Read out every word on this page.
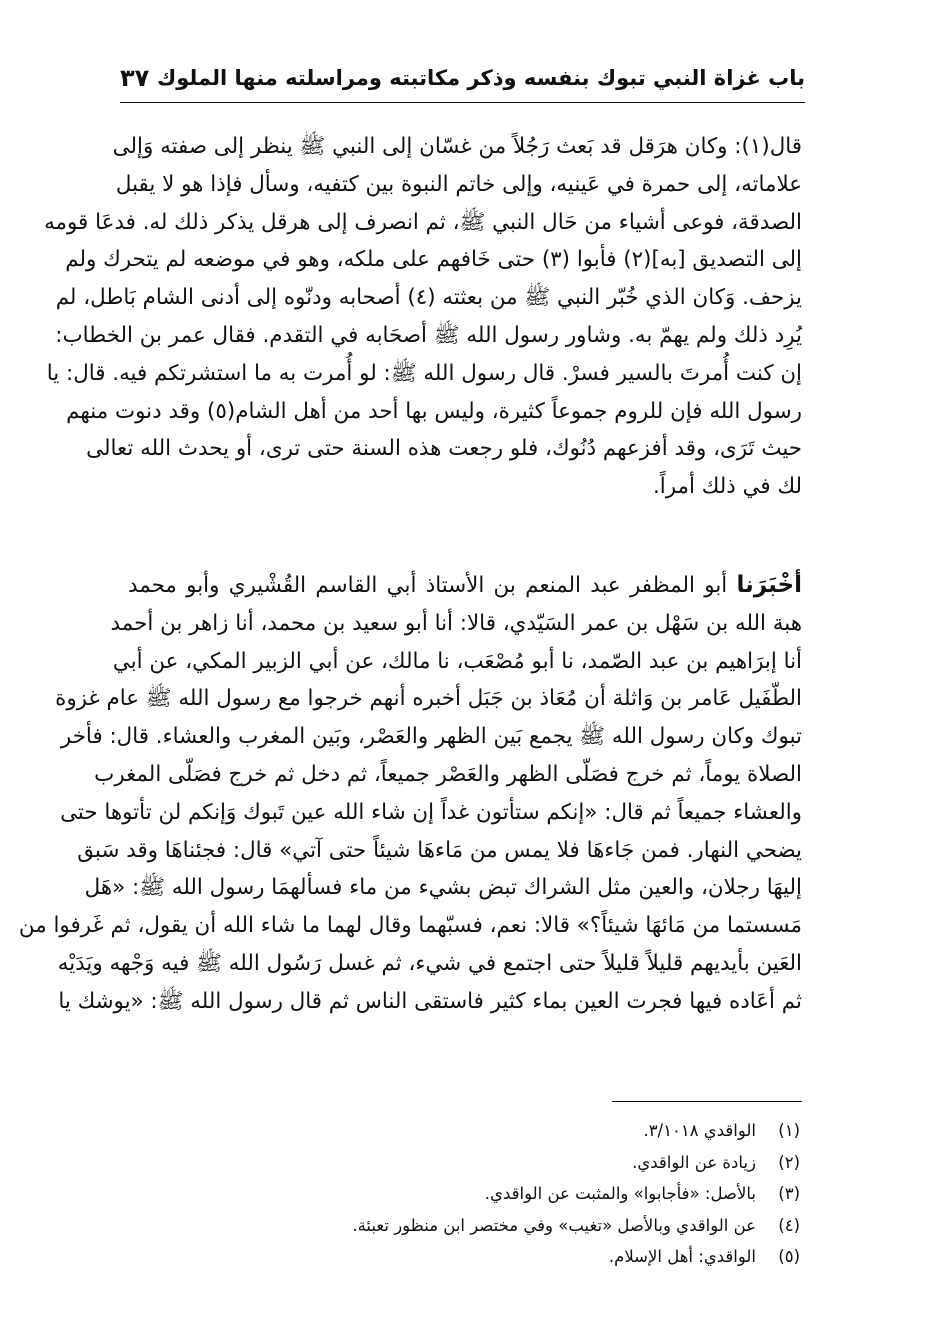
باب غزاة النبي تبوك بنفسه وذكر مكاتبته ومراسلته منها الملوك
٣٧
قال(١): وكان هرَقل قد بَعث رَجُلاً من غسّان إلى النبي ﷺ ينظر إلى صفته وَإلى
علاماته، إلى حمرة في عَينيه، وإلى خاتم النبوة بين كتفيه، وسأل فإذا هو لا يقبل
الصدقة، فوعى أشياء من حَال النبي ﷺ، ثم انصرف إلى هرقل يذكر ذلك له. فدعَا قومه
إلى التصديق [به](٢) فأبوا (٣) حتى خَافهم على ملكه، وهو في موضعه لم يتحرك ولم
يزحف. وَكان الذي خُبّر النبي ﷺ من بعثته (٤) أصحابه ودنّوه إلى أدنى الشام بَاطل، لم
يُرِد ذلك ولم يهمّ به. وشاور رسول الله ﷺ أصحَابه في التقدم. فقال عمر بن الخطاب:
إن كنت أُمرتَ بالسير فسرْ. قال رسول الله ﷺ: لو أُمرت به ما استشرتكم فيه. قال: يا
رسول الله فإن للروم جموعاً كثيرة، وليس بها أحد من أهل الشام(٥) وقد دنوت منهم
حيث تَرَى، وقد أفزعهم دُنُوك، فلو رجعت هذه السنة حتى ترى، أو يحدث الله تعالى
لك في ذلك أمراً.
أخْبَرَنا أبو المظفر عبد المنعم بن الأستاذ أبي القاسم القُشْيري وأبو محمد
هبة الله بن سَهْل بن عمر السَيّدي، قالا: أنا أبو سعيد بن محمد، أنا زاهر بن أحمد
أنا إبرَاهيم بن عبد الصّمد، نا أبو مُصْعَب، نا مالك، عن أبي الزبير المكي، عن أبي
الطّفَيل عَامر بن وَاثلة أن مُعَاذ بن جَبَل أخبره أنهم خرجوا مع رسول الله ﷺ عام غزوة
تبوك وكان رسول الله ﷺ يجمع بَين الظهر والعَصْر، وبَين المغرب والعشاء. قال: فأخر
الصلاة يوماً، ثم خرج فصَلّى الظهر والعَصْر جميعاً، ثم دخل ثم خرج فصَلّى المغرب
والعشاء جميعاً ثم قال: «إنكم ستأتون غداً إن شاء الله عين تَبوك وَإنكم لن تأتوها حتى
يضحي النهار. فمن جَاءهَا فلا يمس من مَاءهَا شيئاً حتى آتي» قال: فجئناهَا وقد سَبق
إليهَا رجلان، والعين مثل الشراك تبض بشيء من ماء فسألهمَا رسول الله ﷺ: «هَل
مَسستما من مَائهَا شيئاً؟» قالا: نعم، فسبّهما وقال لهما ما شاء الله أن يقول، ثم غَرفوا من
العَين بأيديهم قليلاً قليلاً حتى اجتمع في شيء، ثم غسل رَسُول الله ﷺ فيه وَجْهه ويَدَيْه
ثم أعَاده فيها فجرت العين بماء كثير فاستقى الناس ثم قال رسول الله ﷺ: «يوشك يا
(١)الواقدي ٣/١٠١٨.
(٢)زيادة عن الواقدي.
(٣)بالأصل: «فأجابوا» والمثبت عن الواقدي.
(٤)عن الواقدي وبالأصل «تغيب» وفي مختصر ابن منظور تعبئة.
(٥)الواقدي: أهل الإسلام.
